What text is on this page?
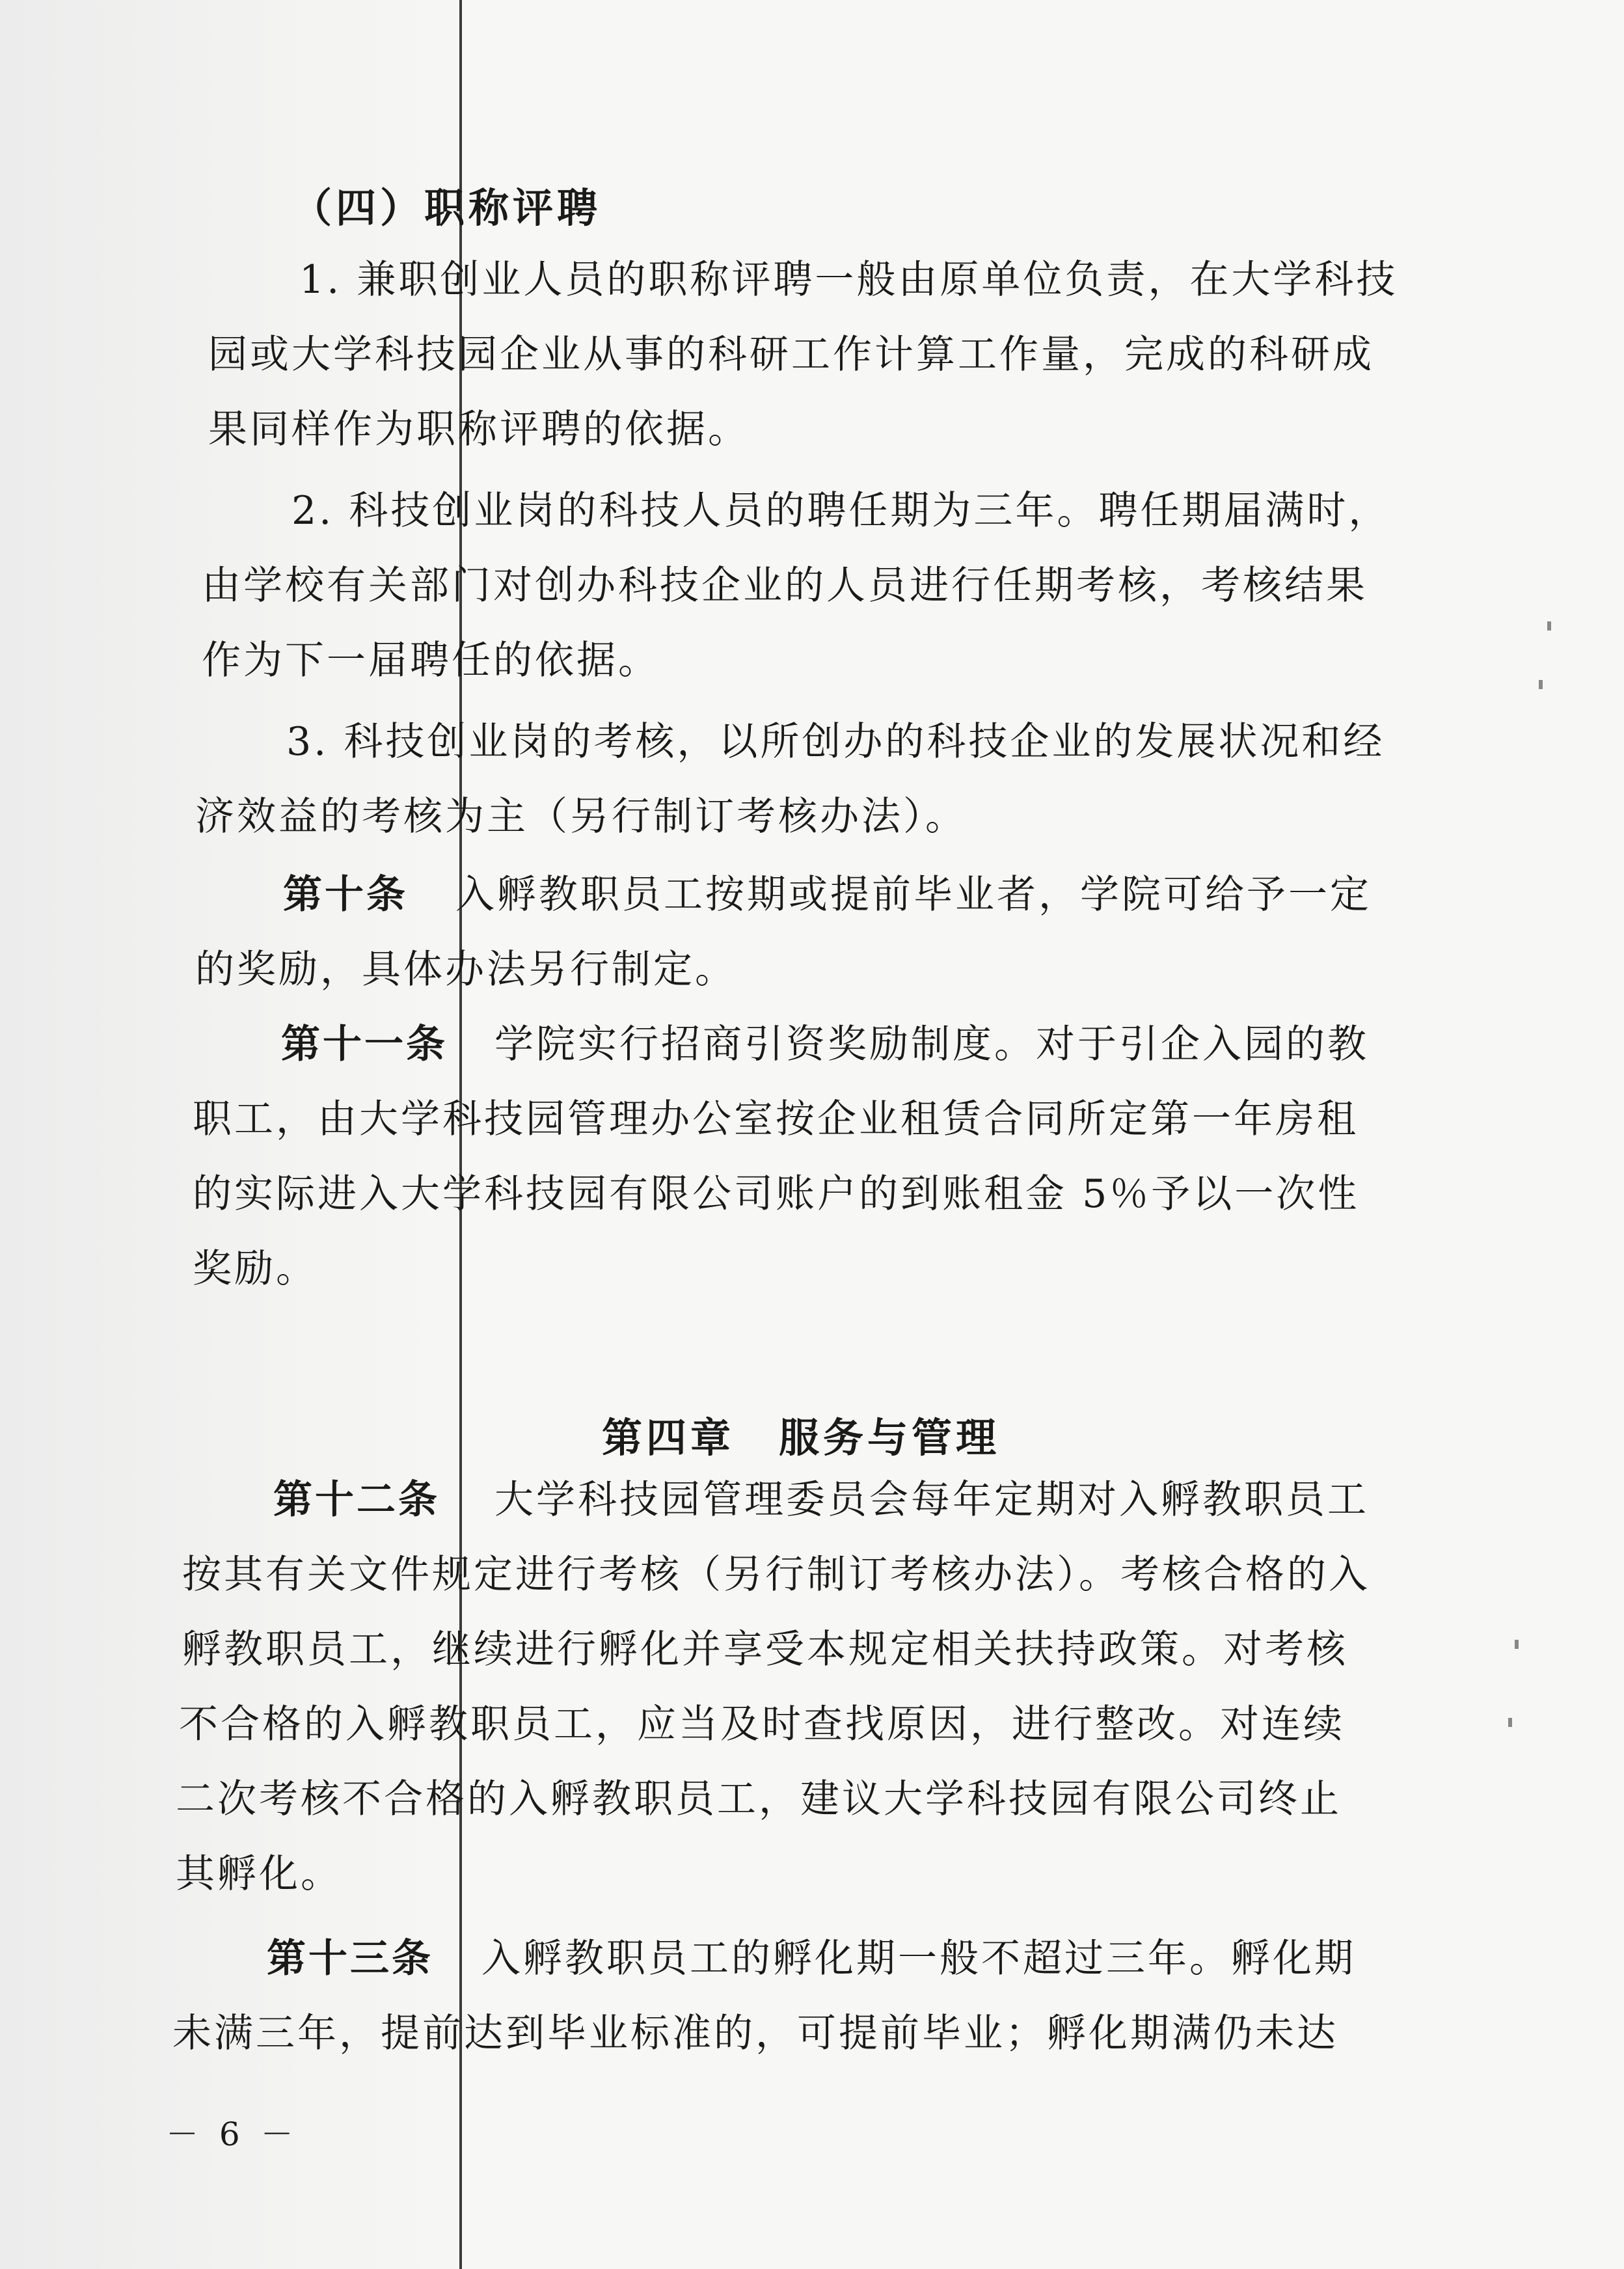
（四）职称评聘
1. 兼职创业人员的职称评聘一般由原单位负责，在大学科技
园或大学科技园企业从事的科研工作计算工作量，完成的科研成
果同样作为职称评聘的依据。
2. 科技创业岗的科技人员的聘任期为三年。聘任期届满时，
由学校有关部门对创办科技企业的人员进行任期考核，考核结果
作为下一届聘任的依据。
3. 科技创业岗的考核，以所创办的科技企业的发展状况和经
济效益的考核为主（另行制订考核办法）。
第十条 入孵教职员工按期或提前毕业者，学院可给予一定
的奖励，具体办法另行制定。
第十一条 学院实行招商引资奖励制度。对于引企入园的教
职工，由大学科技园管理办公室按企业租赁合同所定第一年房租
的实际进入大学科技园有限公司账户的到账租金 5％予以一次性
奖励。
第四章　服务与管理
第十二条 大学科技园管理委员会每年定期对入孵教职员工
按其有关文件规定进行考核（另行制订考核办法）。考核合格的入
孵教职员工，继续进行孵化并享受本规定相关扶持政策。对考核
不合格的入孵教职员工，应当及时查找原因，进行整改。对连续
二次考核不合格的入孵教职员工，建议大学科技园有限公司终止
其孵化。
第十三条 入孵教职员工的孵化期一般不超过三年。孵化期
未满三年，提前达到毕业标准的，可提前毕业；孵化期满仍未达
－ 6 －
